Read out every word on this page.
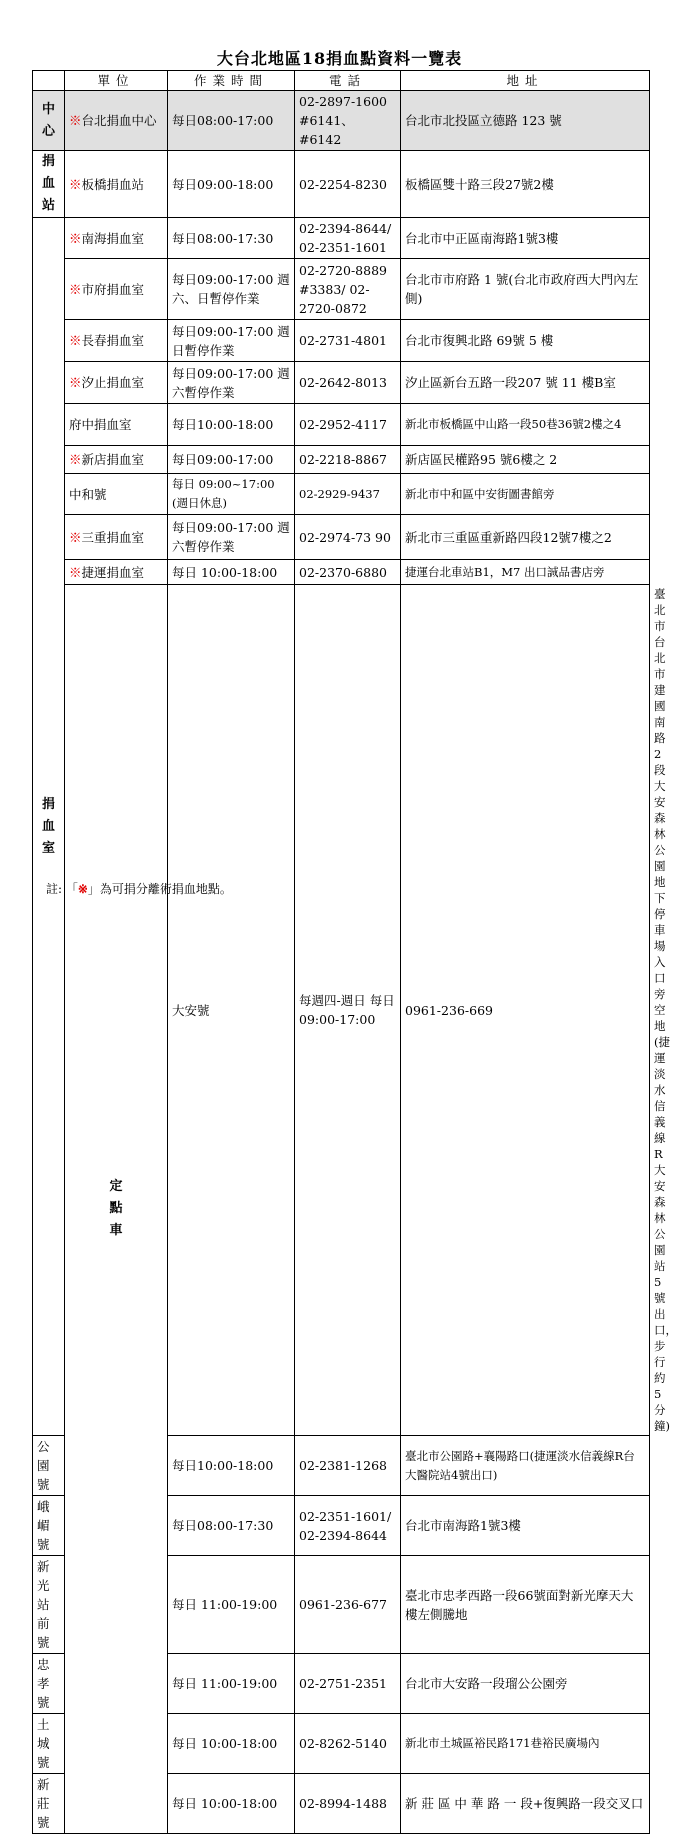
大台北地區18捐血點資料一覽表
	單位	作業時間	電話	地址	
中心	※台北捐血中心	每日08:00-17:00	02-2897-1600 #6141、#6142	台北市北投區立德路 123 號	
捐血站	※板橋捐血站	每日09:00-18:00	02-2254-8230	板橋區雙十路三段27號2樓	
捐血室	※南海捐血室	每日08:00-17:30	02-2394-8644/ 02-2351-1601	台北市中正區南海路1號3樓	
	※市府捐血室	每日09:00-17:00 週六、日暫停作業	02-2720-8889 #3383/ 02-2720-0872	台北市市府路 1 號(台北市政府西大門內左側)	
	※長春捐血室	每日09:00-17:00 週日暫停作業	02-2731-4801	台北市復興北路 69號 5 樓	
	※汐止捐血室	每日09:00-17:00 週六暫停作業	02-2642-8013	汐止區新台五路一段207 號 11 樓B室	
	府中捐血室	每日10:00-18:00	02-2952-4117	新北市板橋區中山路一段50巷36號2樓之4	
	※新店捐血室	每日09:00-17:00	02-2218-8867	新店區民權路95 號6樓之 2	
	中和號	每日 09:00~17:00 (週日休息)	02-2929-9437	新北市中和區中安街圖書館旁	
	※三重捐血室	每日09:00-17:00 週六暫停作業	02-2974-73 90	新北市三重區重新路四段12號7樓之2	
	※捷運捐血室	每日 10:00-18:00	02-2370-6880	捷運台北車站B1，M7 出口誠品書店旁	
	定點車	大安號	每週四-週日 每日 09:00-17:00	0961-236-669	臺北市台北市建國南路 2 段大安森林公園地下停車場入口旁空地(捷運淡水信義線R大安森林公園站5號出口，步行約5分鐘)
公園號		每日10:00-18:00	02-2381-1268	臺北市公園路+襄陽路口(捷運淡水信義線R台大醫院站4號出口)	
峨嵋號		每日08:00-17:30	02-2351-1601/ 02-2394-8644	台北市南海路1號3樓	
新光站前號		每日 11:00-19:00	0961-236-677	臺北市忠孝西路一段66號面對新光摩天大樓左側騰地	
忠孝號		每日 11:00-19:00	02-2751-2351	台北市大安路一段瑠公公園旁	
土城號		每日 10:00-18:00	02-8262-5140	新北市土城區裕民路171巷裕民廣場內	
新莊號		每日 10:00-18:00	02-8994-1488	新 莊 區 中 華 路 一 段+復興路一段交叉口	
註: 「※」為可捐分離術捐血地點。
